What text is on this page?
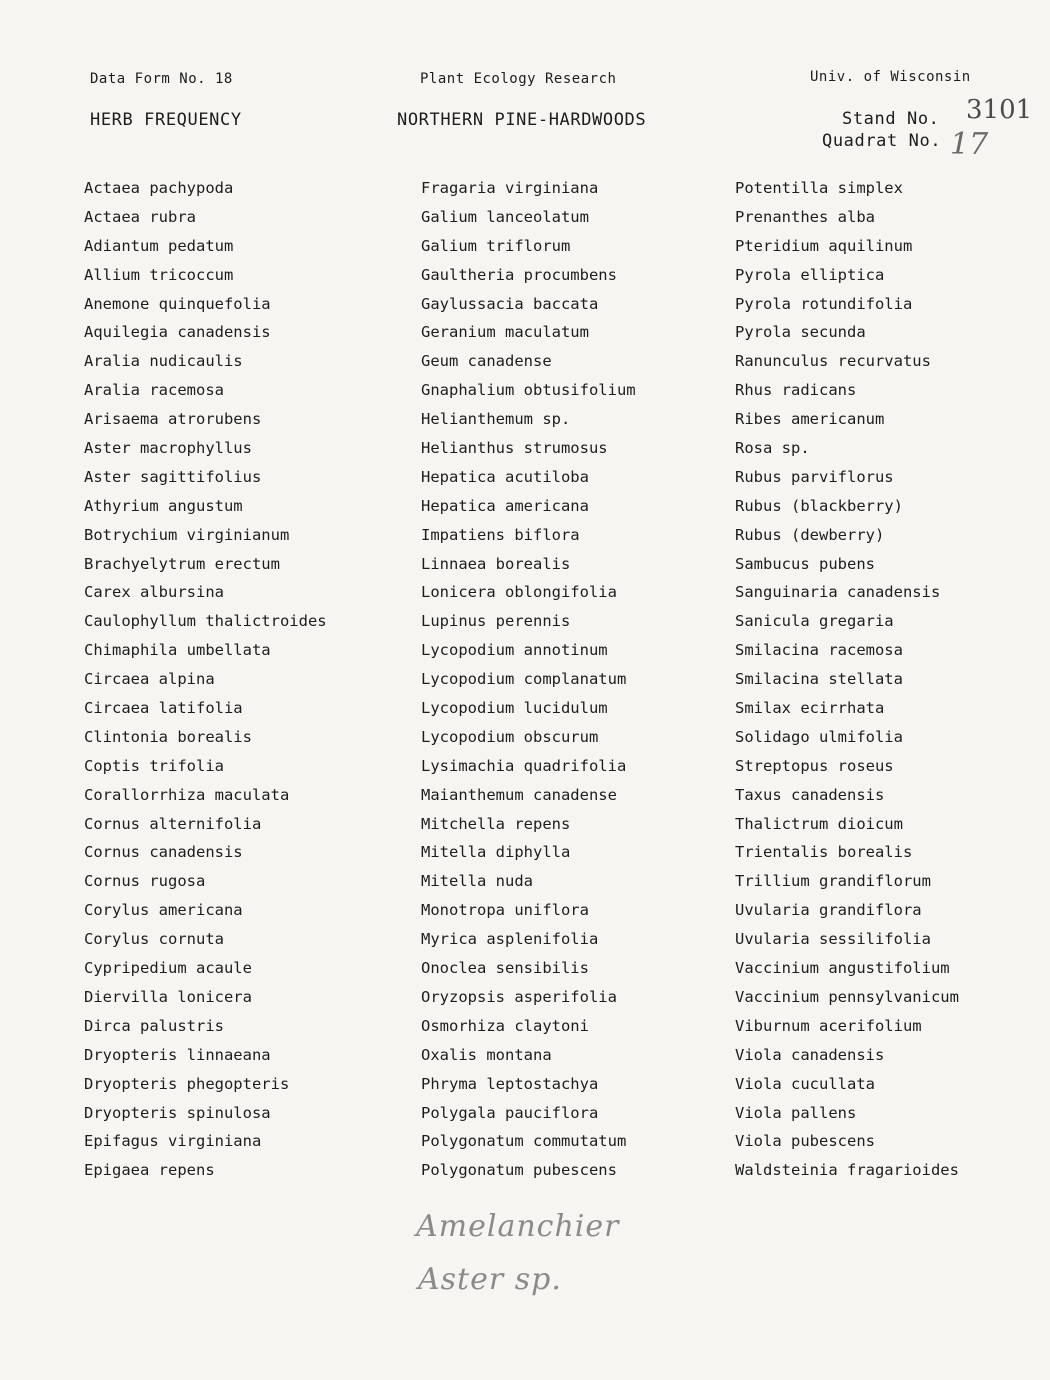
Data Form No. 18	Plant Ecology Research	Univ. of Wisconsin
HERB FREQUENCY	NORTHERN PINE-HARDWOODS	Stand No.
Quadrat No.
3101
17
Actaea pachypoda
Actaea rubra
Adiantum pedatum
Allium tricoccum
Anemone quinquefolia
Aquilegia canadensis
Aralia nudicaulis
Aralia racemosa
Arisaema atrorubens
Aster macrophyllus
Aster sagittifolius
Athyrium angustum
Botrychium virginianum
Brachyelytrum erectum
Carex albursina
Caulophyllum thalictroides
Chimaphila umbellata
Circaea alpina
Circaea latifolia
Clintonia borealis
Coptis trifolia
Corallorrhiza maculata
Cornus alternifolia
Cornus canadensis
Cornus rugosa
Corylus americana
Corylus cornuta
Cypripedium acaule
Diervilla lonicera
Dirca palustris
Dryopteris linnaeana
Dryopteris phegopteris
Dryopteris spinulosa
Epifagus virginiana
Epigaea repens
Fragaria virginiana
Galium lanceolatum
Galium triflorum
Gaultheria procumbens
Gaylussacia baccata
Geranium maculatum
Geum canadense
Gnaphalium obtusifolium
Helianthemum sp.
Helianthus strumosus
Hepatica acutiloba
Hepatica americana
Impatiens biflora
Linnaea borealis
Lonicera oblongifolia
Lupinus perennis
Lycopodium annotinum
Lycopodium complanatum
Lycopodium lucidulum
Lycopodium obscurum
Lysimachia quadrifolia
Maianthemum canadense
Mitchella repens
Mitella diphylla
Mitella nuda
Monotropa uniflora
Myrica asplenifolia
Onoclea sensibilis
Oryzopsis asperifolia
Osmorhiza claytoni
Oxalis montana
Phryma leptostachya
Polygala pauciflora
Polygonatum commutatum
Polygonatum pubescens
Potentilla simplex
Prenanthes alba
Pteridium aquilinum
Pyrola elliptica
Pyrola rotundifolia
Pyrola secunda
Ranunculus recurvatus
Rhus radicans
Ribes americanum
Rosa sp.
Rubus parviflorus
Rubus (blackberry)
Rubus (dewberry)
Sambucus pubens
Sanguinaria canadensis
Sanicula gregaria
Smilacina racemosa
Smilacina stellata
Smilax ecirrhata
Solidago ulmifolia
Streptopus roseus
Taxus canadensis
Thalictrum dioicum
Trientalis borealis
Trillium grandiflorum
Uvularia grandiflora
Uvularia sessilifolia
Vaccinium angustifolium
Vaccinium pennsylvanicum
Viburnum acerifolium
Viola canadensis
Viola cucullata
Viola pallens
Viola pubescens
Waldsteinia fragarioides
Amelanchier
Aster sp.
